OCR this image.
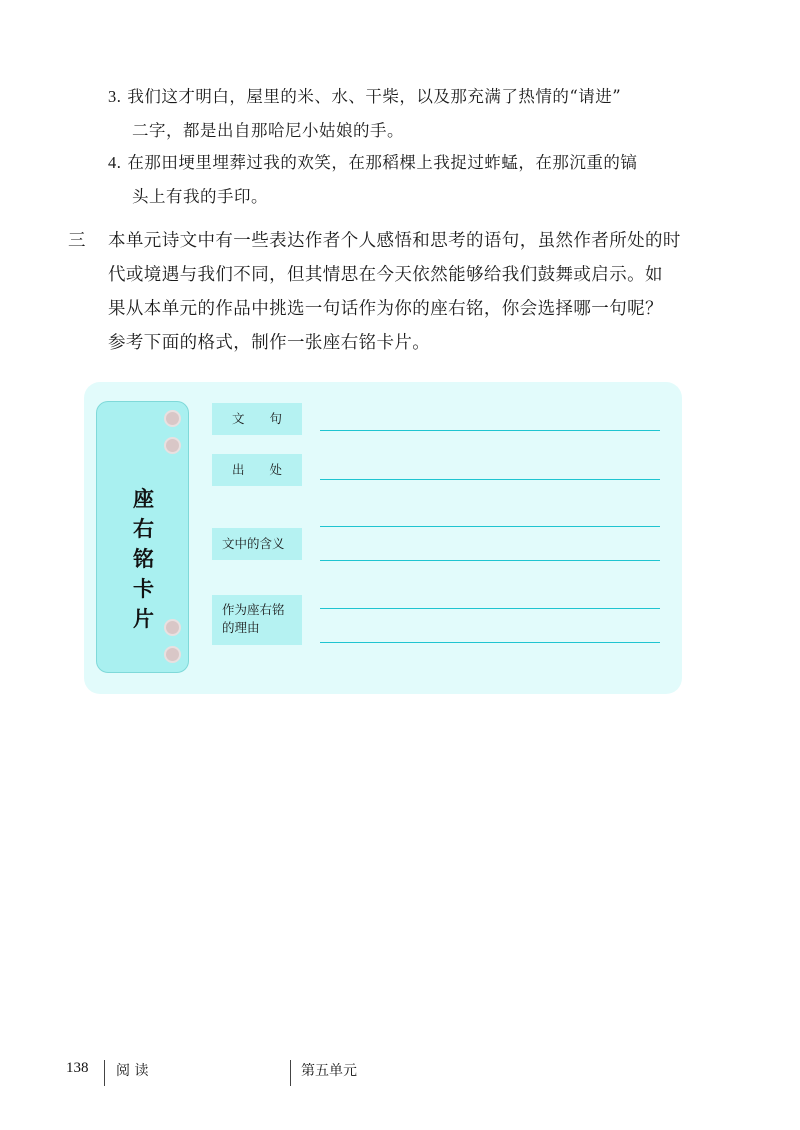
3. 我们这才明白，屋里的米、水、干柴，以及那充满了热情的“请进”
二字，都是出自那哈尼小姑娘的手。
4. 在那田埂里埋葬过我的欢笑，在那稻棵上我捉过蚱蜢，在那沉重的镐
头上有我的手印。
三 本单元诗文中有一些表达作者个人感悟和思考的语句，虽然作者所处的时
代或境遇与我们不同，但其情思在今天依然能够给我们鼓舞或启示。如
果从本单元的作品中挑选一句话作为你的座右铭，你会选择哪一句呢？
参考下面的格式，制作一张座右铭卡片。
座
右
铭
卡
片
文　　句
出　　处
文中的含义
作为座右铭
的理由
138 阅 读	第五单元
